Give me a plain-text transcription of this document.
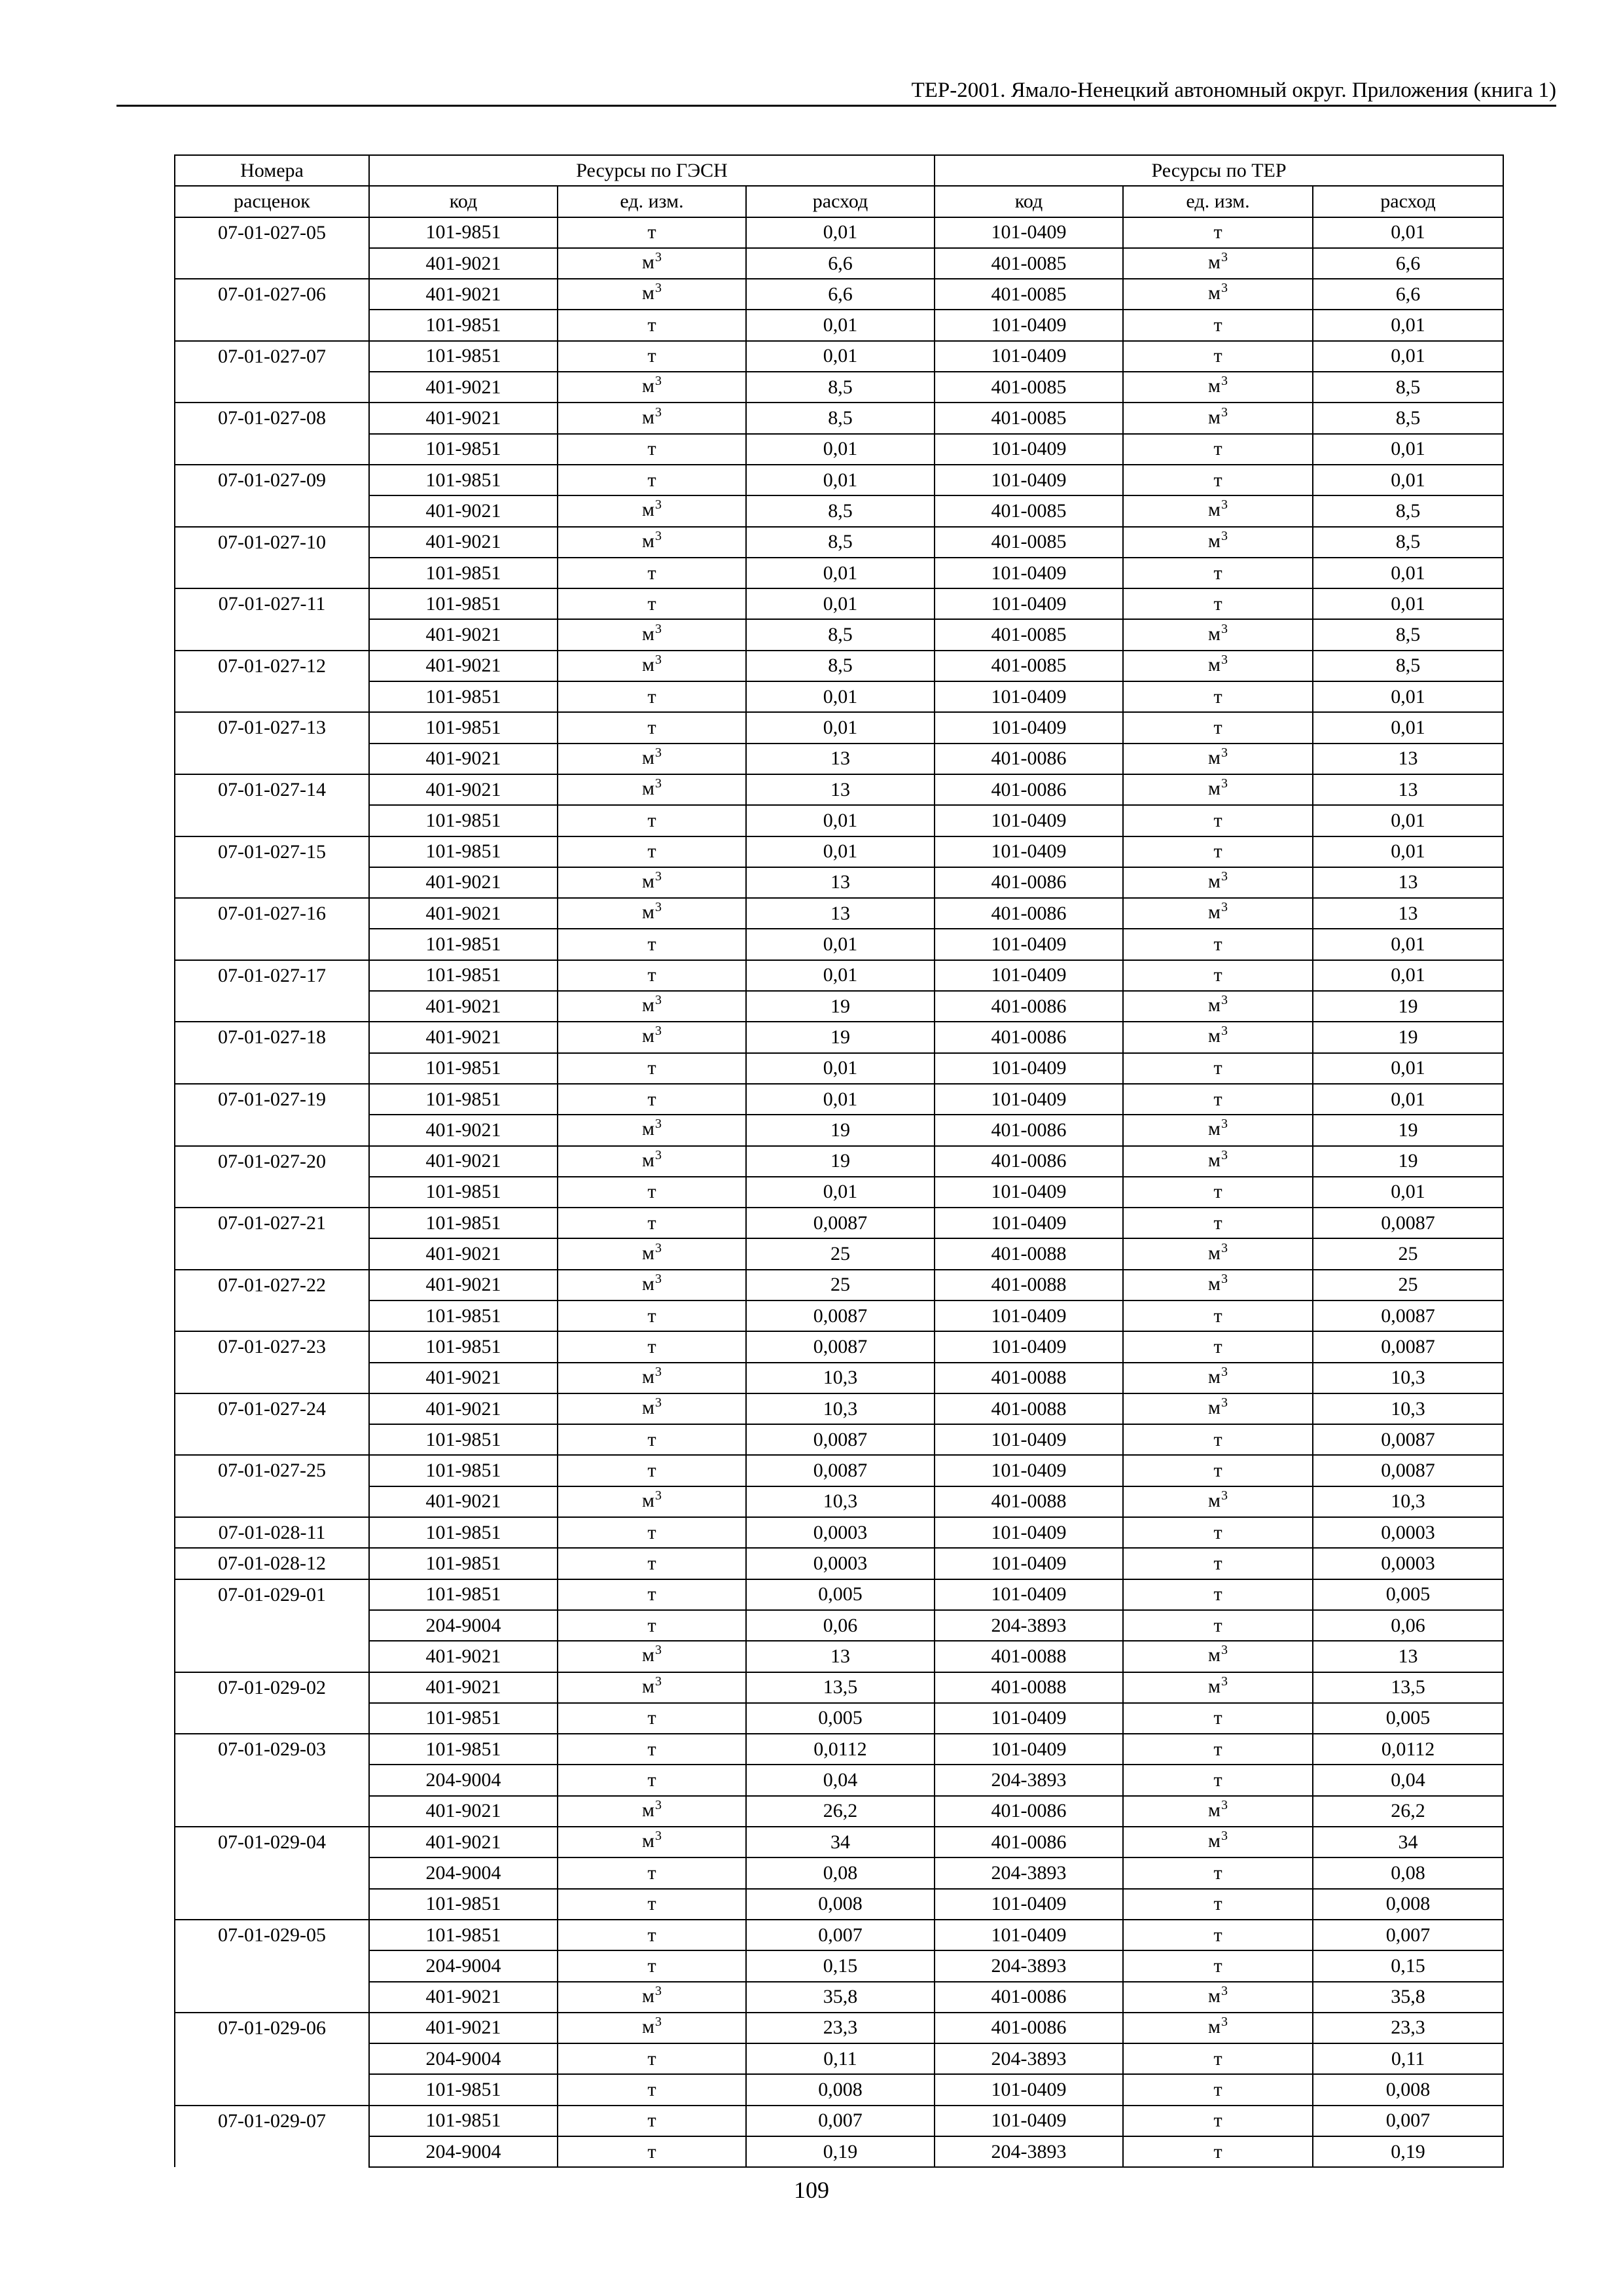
ТЕР-2001. Ямало-Ненецкий автономный округ. Приложения (книга 1)
Номера	Ресурсы по ГЭСН			Ресурсы по ТЕР		
расценок	код	ед. изм.	расход	код	ед. изм.	расход
07-01-027-05	101-9851	т	0,01	101-0409	т	0,01
	401-9021	$м^3$	6,6	401-0085	$м^3$	6,6
07-01-027-06	401-9021	$м^3$	6,6	401-0085	$м^3$	6,6
	101-9851	т	0,01	101-0409	т	0,01
07-01-027-07	101-9851	т	0,01	101-0409	т	0,01
	401-9021	$м^3$	8,5	401-0085	$м^3$	8,5
07-01-027-08	401-9021	$м^3$	8,5	401-0085	$м^3$	8,5
	101-9851	т	0,01	101-0409	т	0,01
07-01-027-09	101-9851	т	0,01	101-0409	т	0,01
	401-9021	$м^3$	8,5	401-0085	$м^3$	8,5
07-01-027-10	401-9021	$м^3$	8,5	401-0085	$м^3$	8,5
	101-9851	т	0,01	101-0409	т	0,01
07-01-027-11	101-9851	т	0,01	101-0409	т	0,01
	401-9021	$м^3$	8,5	401-0085	$м^3$	8,5
07-01-027-12	401-9021	$м^3$	8,5	401-0085	$м^3$	8,5
	101-9851	т	0,01	101-0409	т	0,01
07-01-027-13	101-9851	т	0,01	101-0409	т	0,01
	401-9021	$м^3$	13	401-0086	$м^3$	13
07-01-027-14	401-9021	$м^3$	13	401-0086	$м^3$	13
	101-9851	т	0,01	101-0409	т	0,01
07-01-027-15	101-9851	т	0,01	101-0409	т	0,01
	401-9021	$м^3$	13	401-0086	$м^3$	13
07-01-027-16	401-9021	$м^3$	13	401-0086	$м^3$	13
	101-9851	т	0,01	101-0409	т	0,01
07-01-027-17	101-9851	т	0,01	101-0409	т	0,01
	401-9021	$м^3$	19	401-0086	$м^3$	19
07-01-027-18	401-9021	$м^3$	19	401-0086	$м^3$	19
	101-9851	т	0,01	101-0409	т	0,01
07-01-027-19	101-9851	т	0,01	101-0409	т	0,01
	401-9021	$м^3$	19	401-0086	$м^3$	19
07-01-027-20	401-9021	$м^3$	19	401-0086	$м^3$	19
	101-9851	т	0,01	101-0409	т	0,01
07-01-027-21	101-9851	т	0,0087	101-0409	т	0,0087
	401-9021	$м^3$	25	401-0088	$м^3$	25
07-01-027-22	401-9021	$м^3$	25	401-0088	$м^3$	25
	101-9851	т	0,0087	101-0409	т	0,0087
07-01-027-23	101-9851	т	0,0087	101-0409	т	0,0087
	401-9021	$м^3$	10,3	401-0088	$м^3$	10,3
07-01-027-24	401-9021	$м^3$	10,3	401-0088	$м^3$	10,3
	101-9851	т	0,0087	101-0409	т	0,0087
07-01-027-25	101-9851	т	0,0087	101-0409	т	0,0087
	401-9021	$м^3$	10,3	401-0088	$м^3$	10,3
07-01-028-11	101-9851	т	0,0003	101-0409	т	0,0003
07-01-028-12	101-9851	т	0,0003	101-0409	т	0,0003
07-01-029-01	101-9851	т	0,005	101-0409	т	0,005
	204-9004	т	0,06	204-3893	т	0,06
	401-9021	$м^3$	13	401-0088	$м^3$	13
07-01-029-02	401-9021	$м^3$	13,5	401-0088	$м^3$	13,5
	101-9851	т	0,005	101-0409	т	0,005
07-01-029-03	101-9851	т	0,0112	101-0409	т	0,0112
	204-9004	т	0,04	204-3893	т	0,04
	401-9021	$м^3$	26,2	401-0086	$м^3$	26,2
07-01-029-04	401-9021	$м^3$	34	401-0086	$м^3$	34
	204-9004	т	0,08	204-3893	т	0,08
	101-9851	т	0,008	101-0409	т	0,008
07-01-029-05	101-9851	т	0,007	101-0409	т	0,007
	204-9004	т	0,15	204-3893	т	0,15
	401-9021	$м^3$	35,8	401-0086	$м^3$	35,8
07-01-029-06	401-9021	$м^3$	23,3	401-0086	$м^3$	23,3
	204-9004	т	0,11	204-3893	т	0,11
	101-9851	т	0,008	101-0409	т	0,008
07-01-029-07	101-9851	т	0,007	101-0409	т	0,007
	204-9004	т	0,19	204-3893	т	0,19
109
